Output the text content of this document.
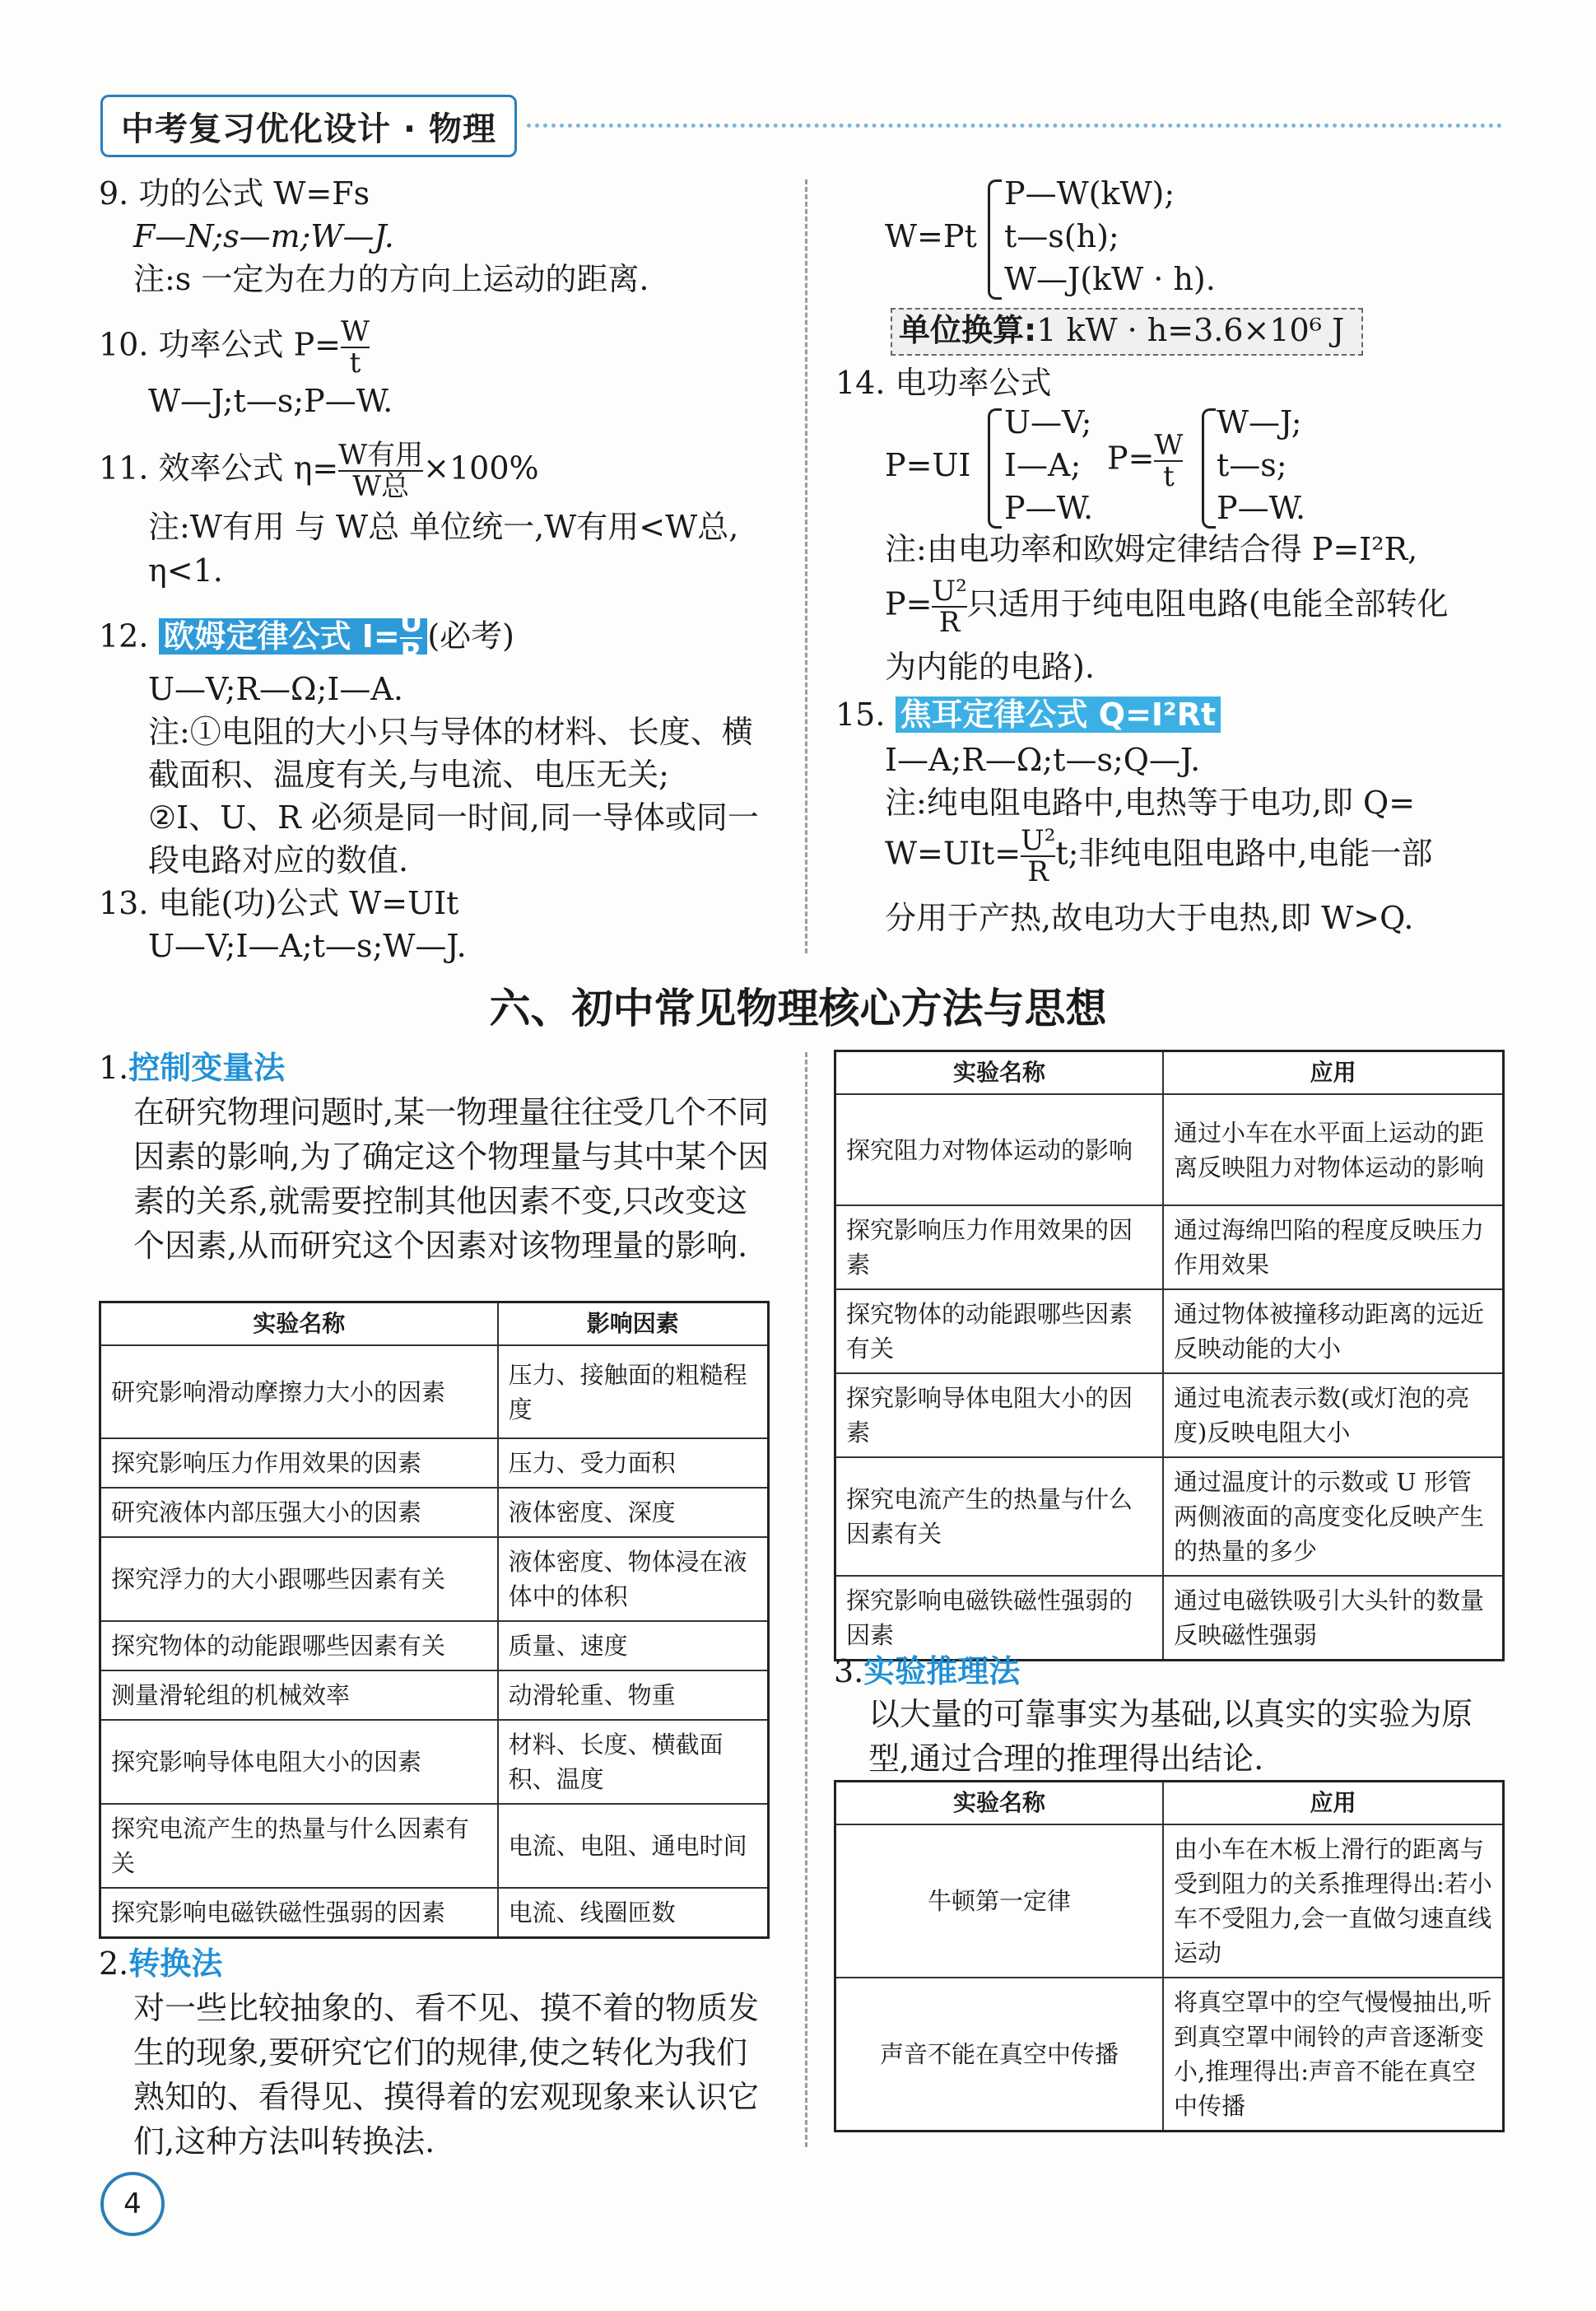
中考复习优化设计 · 物理
9. 功的公式 W=Fs
F—N;s—m;W—J.
注:s 一定为在力的方向上运动的距离.
10. 功率公式 $P= \frac{W}{t}$
W—J;t—s;P—W.
11. 效率公式 $\eta= \frac{\text{W有用}}{\text{W总}} \times 100\%$
注:W有用 与 W总 单位统一,W有用<W总,
η<1.
12. 欧姆定律公式 $I= \frac{U}{R}$ (必考)
U—V;R—Ω;I—A.
注:①电阻的大小只与导体的材料、长度、横
截面积、温度有关,与电流、电压无关;
②I、U、R 必须是同一时间,同一导体或同一
段电路对应的数值.
13. 电能(功)公式 W=UIt
U—V;I—A;t—s;W—J.
W=Pt
P—W(kW);
t—s(h);
W—J(kW · h).
单位换算:1 kW · h=3.6×10⁶ J
14. 电功率公式
P=UI
U—V;
I—A;
P—W.
$P= \frac{W}{t}$
W—J;
t—s;
P—W.
注:由电功率和欧姆定律结合得 P=I²R,
$P= \frac{\text{U²}}{R}$ 只适用于纯电阻电路(电能全部转化
为内能的电路).
15. 焦耳定律公式 Q=I²Rt
I—A;R—Ω;t—s;Q—J.
注:纯电阻电路中,电热等于电功,即 Q=
$W=UIt= \frac{\text{U²}}{R} t$;非纯电阻电路中,电能一部
分用于产热,故电功大于电热,即 W>Q.
六、初中常见物理核心方法与思想
1.控制变量法
在研究物理问题时,某一物理量往往受几个不同因素的影响,为了确定这个物理量与其中某个因素的关系,就需要控制其他因素不变,只改变这个因素,从而研究这个因素对该物理量的影响.
实验名称	影响因素
研究影响滑动摩擦力大小的因素	压力、接触面的粗糙程度
探究影响压力作用效果的因素	压力、受力面积
研究液体内部压强大小的因素	液体密度、深度
探究浮力的大小跟哪些因素有关	液体密度、物体浸在液体中的体积
探究物体的动能跟哪些因素有关	质量、速度
测量滑轮组的机械效率	动滑轮重、物重
探究影响导体电阻大小的因素	材料、长度、横截面积、温度
探究电流产生的热量与什么因素有关	电流、电阻、通电时间
探究影响电磁铁磁性强弱的因素	电流、线圈匝数
2.转换法
对一些比较抽象的、看不见、摸不着的物质发生的现象,要研究它们的规律,使之转化为我们熟知的、看得见、摸得着的宏观现象来认识它们,这种方法叫转换法.
实验名称	应用
探究阻力对物体运动的影响	通过小车在水平面上运动的距离反映阻力对物体运动的影响
探究影响压力作用效果的因素	通过海绵凹陷的程度反映压力作用效果
探究物体的动能跟哪些因素有关	通过物体被撞移动距离的远近反映动能的大小
探究影响导体电阻大小的因素	通过电流表示数(或灯泡的亮度)反映电阻大小
探究电流产生的热量与什么因素有关	通过温度计的示数或 U 形管两侧液面的高度变化反映产生的热量的多少
探究影响电磁铁磁性强弱的因素	通过电磁铁吸引大头针的数量反映磁性强弱
3.实验推理法
以大量的可靠事实为基础,以真实的实验为原型,通过合理的推理得出结论.
实验名称	应用
牛顿第一定律	由小车在木板上滑行的距离与受到阻力的关系推理得出:若小车不受阻力,会一直做匀速直线运动
声音不能在真空中传播	将真空罩中的空气慢慢抽出,听到真空罩中闹铃的声音逐渐变小,推理得出:声音不能在真空中传播
4
